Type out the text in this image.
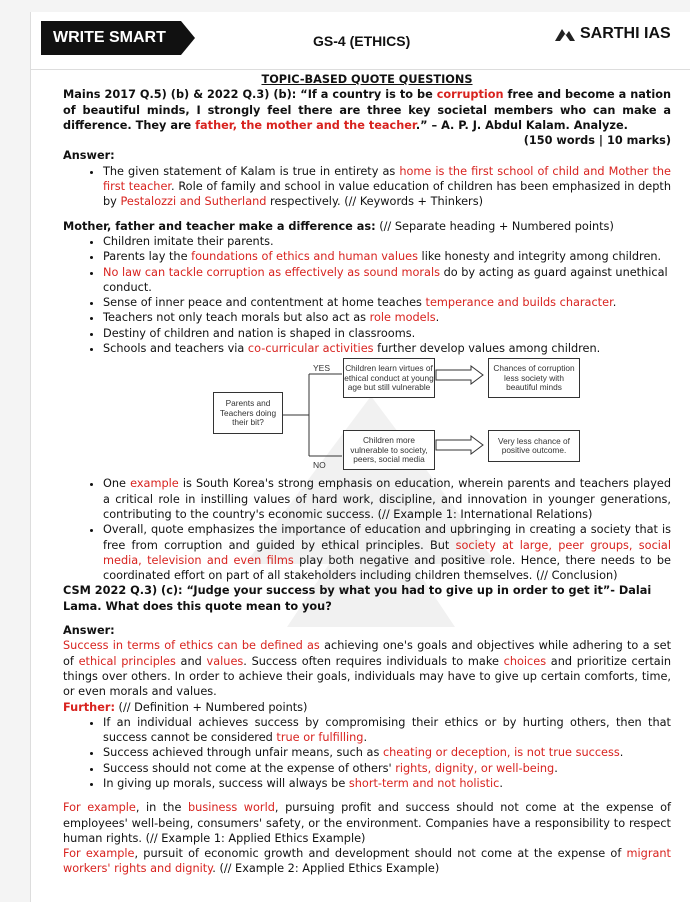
WRITE SMART	GS-4 (ETHICS)	SARTHI IAS

TOPIC-BASED QUOTE QUESTIONS

Mains 2017 Q.5) (b) & 2022 Q.3) (b): “If a country is to be corruption free and become a nation of beautiful minds, I strongly feel there are three key societal members who can make a difference. They are father, the mother and the teacher.” – A. P. J. Abdul Kalam. Analyze.

(150 words | 10 marks)

Answer:

• The given statement of Kalam is true in entirety as home is the first school of child and Mother the first teacher. Role of family and school in value education of children has been emphasized in depth by Pestalozzi and Sutherland respectively. (// Keywords + Thinkers)

Mother, father and teacher make a difference as: (// Separate heading + Numbered points)

• Children imitate their parents.
• Parents lay the foundations of ethics and human values like honesty and integrity among children.
• No law can tackle corruption as effectively as sound morals do by acting as guard against unethical conduct.
• Sense of inner peace and contentment at home teaches temperance and builds character.
• Teachers not only teach morals but also act as role models.
• Destiny of children and nation is shaped in classrooms.
• Schools and teachers via co-curricular activities further develop values among children.
Parents and Teachers doing their bit?
YES
NO
Children learn virtues of ethical conduct at young age but still vulnerable
Chances of corruption less society with beautiful minds
Children more vulnerable to society, peers, social media
Very less chance of positive outcome.
• One example is South Korea's strong emphasis on education, wherein parents and teachers played a critical role in instilling values of hard work, discipline, and innovation in younger generations, contributing to the country's economic success. (// Example 1: International Relations)
• Overall, quote emphasizes the importance of education and upbringing in creating a society that is free from corruption and guided by ethical principles. But society at large, peer groups, social media, television and even films play both negative and positive role. Hence, there needs to be coordinated effort on part of all stakeholders including children themselves. (// Conclusion)

CSM 2022 Q.3) (c): “Judge your success by what you had to give up in order to get it”- Dalai Lama. What does this quote mean to you?

Answer:

Success in terms of ethics can be defined as achieving one's goals and objectives while adhering to a set of ethical principles and values. Success often requires individuals to make choices and prioritize certain things over others. In order to achieve their goals, individuals may have to give up certain comforts, time, or even morals and values.

Further: (// Definition + Numbered points)

• If an individual achieves success by compromising their ethics or by hurting others, then that success cannot be considered true or fulfilling.
• Success achieved through unfair means, such as cheating or deception, is not true success.
• Success should not come at the expense of others' rights, dignity, or well-being.
• In giving up morals, success will always be short-term and not holistic.

For example, in the business world, pursuing profit and success should not come at the expense of employees' well-being, consumers' safety, or the environment. Companies have a responsibility to respect human rights. (// Example 1: Applied Ethics Example)

For example, pursuit of economic growth and development should not come at the expense of migrant workers' rights and dignity. (// Example 2: Applied Ethics Example)
